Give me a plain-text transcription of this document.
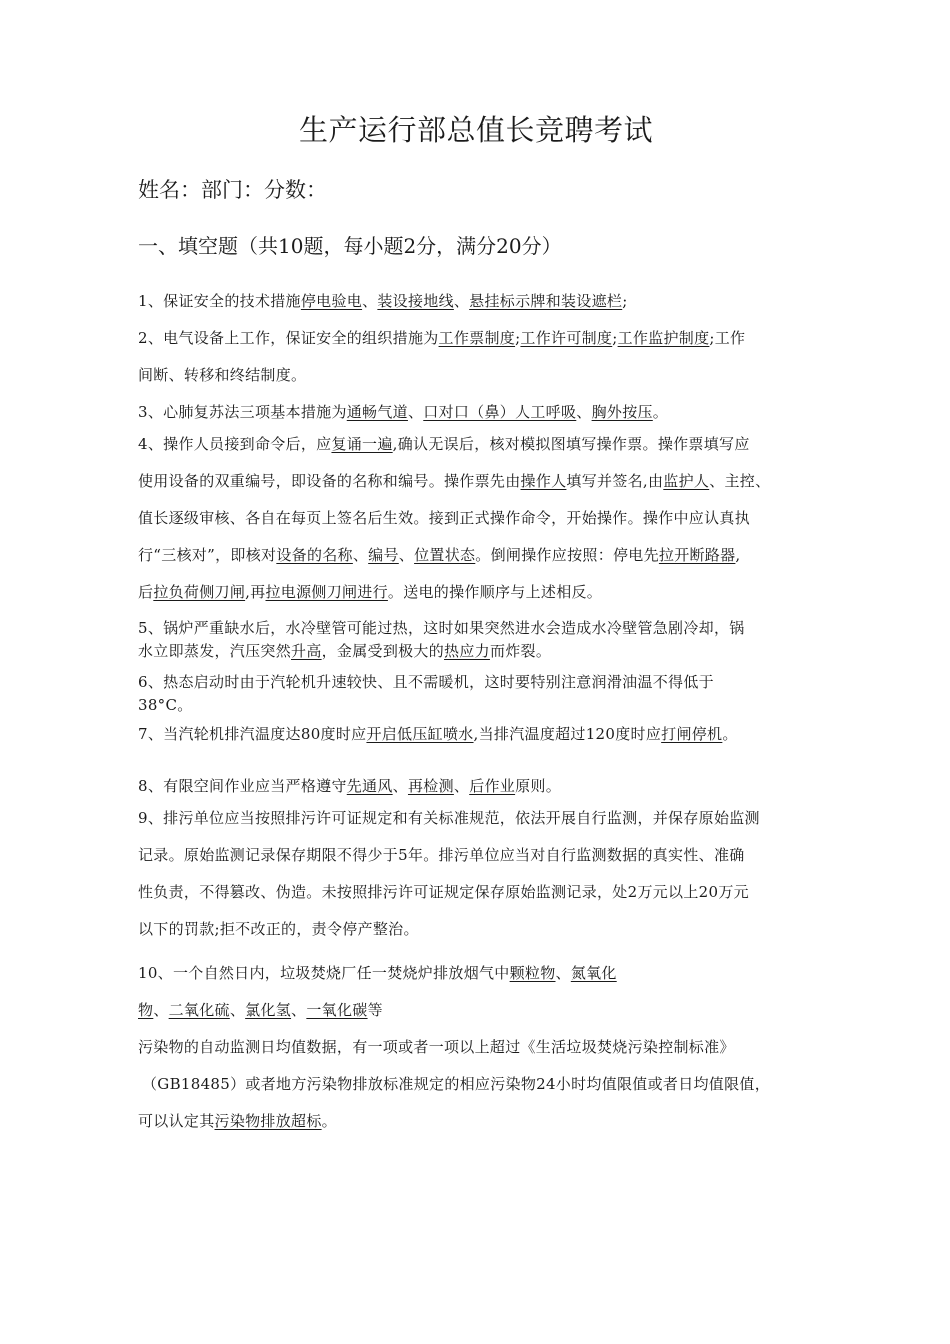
生产运行部总值长竞聘考试
姓名：部门：分数：
一、填空题（共10题，每小题2分，满分20分）
1、保证安全的技术措施停电验电、装设接地线、悬挂标示牌和装设遮栏;
2、电气设备上工作，保证安全的组织措施为工作票制度;工作许可制度;工作监护制度;工作
间断、转移和终结制度。
3、心肺复苏法三项基本措施为通畅气道、口对口（鼻）人工呼吸、胸外按压。
4、操作人员接到命令后，应复诵一遍,确认无误后，核对模拟图填写操作票。操作票填写应
使用设备的双重编号，即设备的名称和编号。操作票先由操作人填写并签名,由监护人、主控、
值长逐级审核、各自在每页上签名后生效。接到正式操作命令，开始操作。操作中应认真执
行“三核对”，即核对设备的名称、编号、位置状态。倒闸操作应按照：停电先拉开断路器,
后拉负荷侧刀闸,再拉电源侧刀闸进行。送电的操作顺序与上述相反。
5、锅炉严重缺水后，水冷壁管可能过热，这时如果突然进水会造成水冷壁管急剧冷却，锅
水立即蒸发，汽压突然升高，金属受到极大的热应力而炸裂。
6、热态启动时由于汽轮机升速较快、且不需暖机，这时要特别注意润滑油温不得低于
38°C。
7、当汽轮机排汽温度达80度时应开启低压缸喷水,当排汽温度超过120度时应打闸停机。
8、有限空间作业应当严格遵守先通风、再检测、后作业原则。
9、排污单位应当按照排污许可证规定和有关标准规范，依法开展自行监测，并保存原始监测
记录。原始监测记录保存期限不得少于5年。排污单位应当对自行监测数据的真实性、准确
性负责，不得篡改、伪造。未按照排污许可证规定保存原始监测记录，处2万元以上20万元
以下的罚款;拒不改正的，责令停产整治。
10、一个自然日内，垃圾焚烧厂任一焚烧炉排放烟气中颗粒物、氮氧化
物、二氧化硫、氯化氢、一氧化碳等
污染物的自动监测日均值数据，有一项或者一项以上超过《生活垃圾焚烧污染控制标准》
（GB18485）或者地方污染物排放标准规定的相应污染物24小时均值限值或者日均值限值，
可以认定其污染物排放超标。
